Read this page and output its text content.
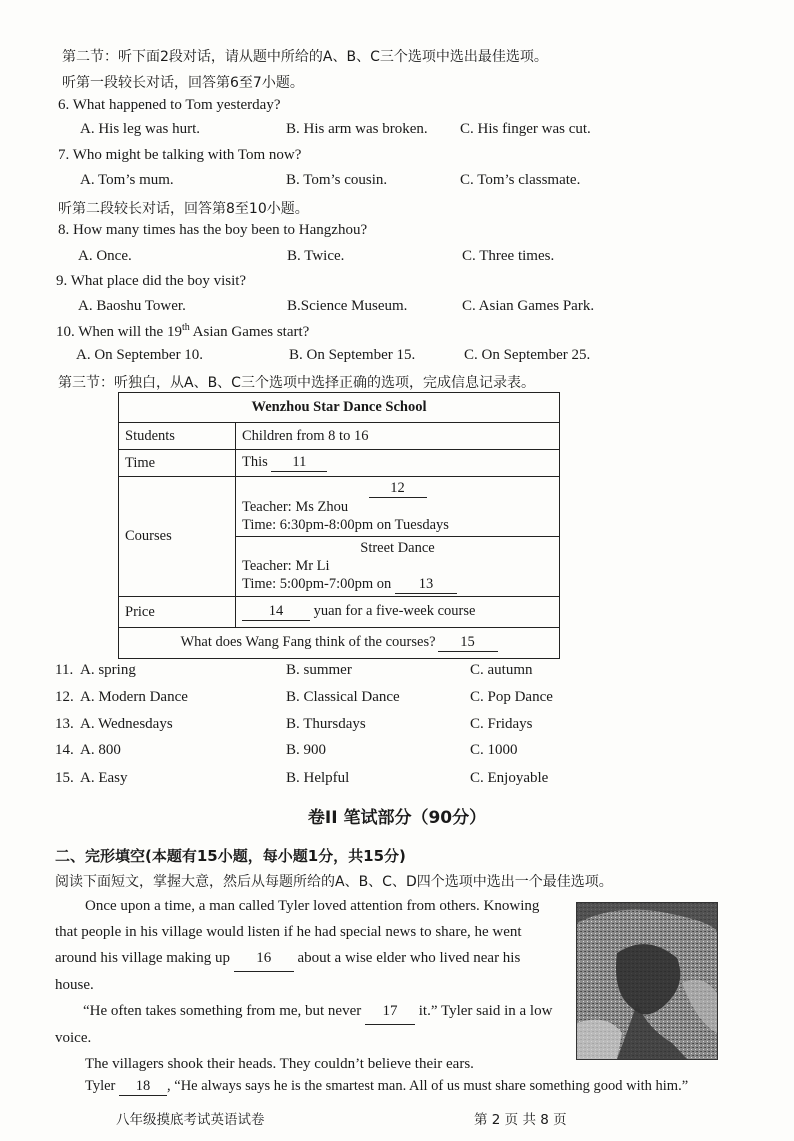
第二节：听下面2段对话，请从题中所给的A、B、C三个选项中选出最佳选项。
听第一段较长对话，回答第6至7小题。
6. What happened to Tom yesterday?
A. His leg was hurt.	B. His arm was broken. C. His finger was cut.
7. Who might be talking with Tom now?
A. Tom’s mum.	B. Tom’s cousin.	C. Tom’s classmate.
听第二段较长对话，回答第8至10小题。
8. How many times has the boy been to Hangzhou?
A. Once.	B. Twice.	C. Three times.
9. What place did the boy visit?
A. Baoshu Tower.	B.Science Museum.	C. Asian Games Park.
10. When will the 19th Asian Games start?
A. On September 10.	B. On September 15.	C. On September 25.
第三节：听独白，从A、B、C三个选项中选择正确的选项，完成信息记录表。
Wenzhou Star Dance School	
Students	Children from 8 to 16
Time	This 11
Courses	12
Teacher: Ms Zhou
Time: 6:30pm-8:00pm on Tuesdays

	Street Dance
Teacher: Mr Li
Time: 5:00pm-7:00pm on 13

Price	14 yuan for a five-week course
What does Wang Fang think of the courses? 15	
11. A. spring	B. summer	C. autumn
12. A. Modern Dance	B. Classical Dance	C. Pop Dance
13. A. Wednesdays	B. Thursdays	C. Fridays
14. A. 800	B. 900	C. 1000
15. A. Easy	B. Helpful	C. Enjoyable
卷II 笔试部分（90分）
二、完形填空(本题有15小题，每小题1分，共15分)
阅读下面短文，掌握大意，然后从每题所给的A、B、C、D四个选项中选出一个最佳选项。
Once upon a time, a man called Tyler loved attention from others. Knowing
that people in his village would listen if he had special news to share, he went
around his village making up 16 about a wise elder who lived near his
house.
“He often takes something from me, but never 17 it.” Tyler said in a low
voice.
The villagers shook their heads. They couldn’t believe their ears.
Tyler 18 , “He always says he is the smartest man. All of us must share something good with him.”
八年级摸底考试英语试卷	第 2 页 共 8 页
